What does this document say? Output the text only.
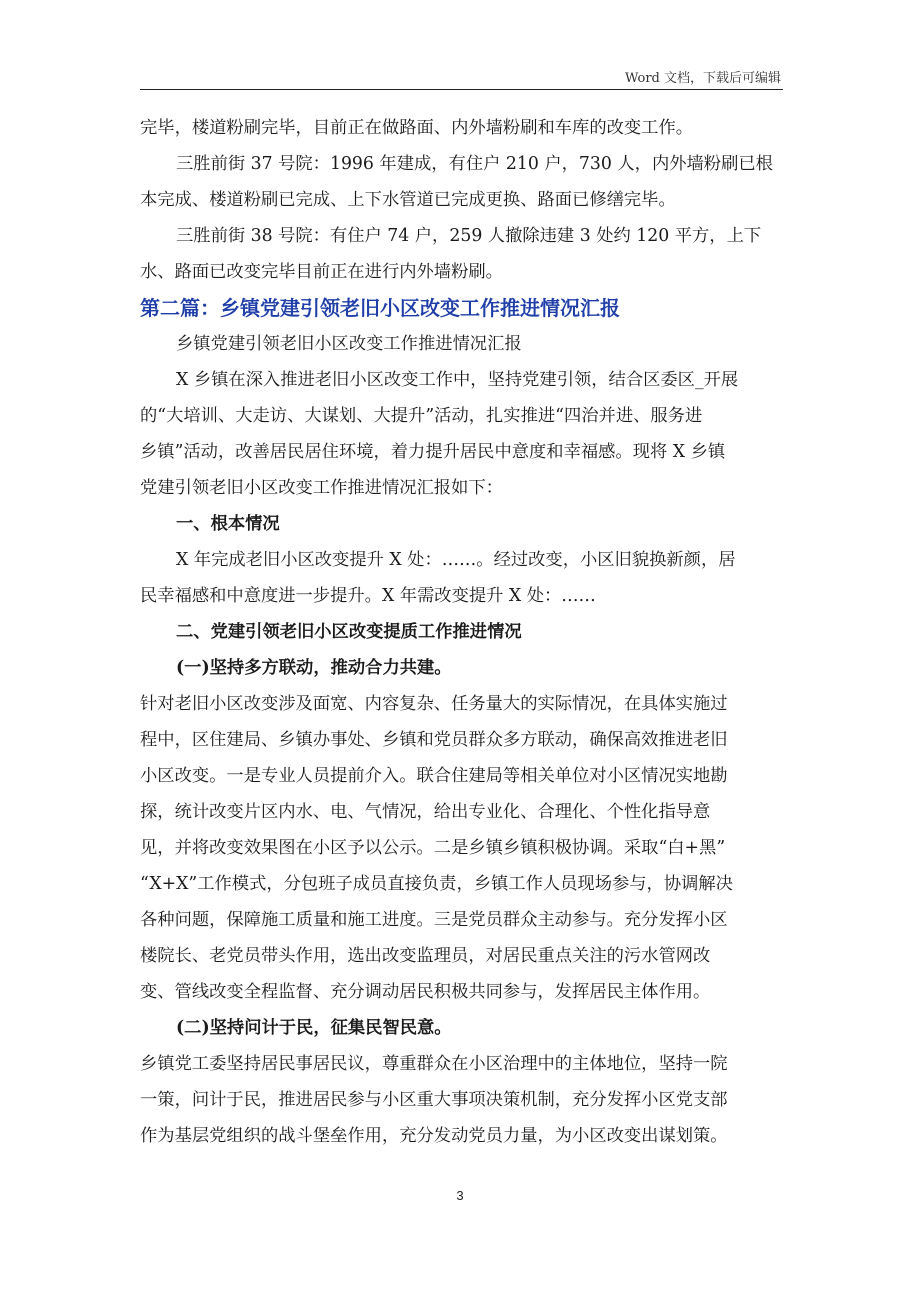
Word 文档，下载后可编辑
完毕，楼道粉刷完毕，目前正在做路面、内外墙粉刷和车库的改变工作。
三胜前街 37 号院：1996 年建成，有住户 210 户，730 人，内外墙粉刷已根
本完成、楼道粉刷已完成、上下水管道已完成更换、路面已修缮完毕。
三胜前街 38 号院：有住户 74 户，259 人撤除违建 3 处约 120 平方，上下
水、路面已改变完毕目前正在进行内外墙粉刷。
第二篇：乡镇党建引领老旧小区改变工作推进情况汇报
乡镇党建引领老旧小区改变工作推进情况汇报
X 乡镇在深入推进老旧小区改变工作中，坚持党建引领，结合区委区_开展
的“大培训、大走访、大谋划、大提升”活动，扎实推进“四治并进、服务进
乡镇”活动，改善居民居住环境，着力提升居民中意度和幸福感。现将 X 乡镇
党建引领老旧小区改变工作推进情况汇报如下：
一、根本情况
X 年完成老旧小区改变提升 X 处：……。经过改变，小区旧貌换新颜，居
民幸福感和中意度进一步提升。X 年需改变提升 X 处：……
二、党建引领老旧小区改变提质工作推进情况
(一)坚持多方联动，推动合力共建。
针对老旧小区改变涉及面宽、内容复杂、任务量大的实际情况，在具体实施过
程中，区住建局、乡镇办事处、乡镇和党员群众多方联动，确保高效推进老旧
小区改变。一是专业人员提前介入。联合住建局等相关单位对小区情况实地勘
探，统计改变片区内水、电、气情况，给出专业化、合理化、个性化指导意
见，并将改变效果图在小区予以公示。二是乡镇乡镇积极协调。采取“白+黑”
“X+X”工作模式，分包班子成员直接负责，乡镇工作人员现场参与，协调解决
各种问题，保障施工质量和施工进度。三是党员群众主动参与。充分发挥小区
楼院长、老党员带头作用，选出改变监理员，对居民重点关注的污水管网改
变、管线改变全程监督、充分调动居民积极共同参与，发挥居民主体作用。
(二)坚持问计于民，征集民智民意。
乡镇党工委坚持居民事居民议，尊重群众在小区治理中的主体地位，坚持一院
一策，问计于民，推进居民参与小区重大事项决策机制，充分发挥小区党支部
作为基层党组织的战斗堡垒作用，充分发动党员力量，为小区改变出谋划策。
3
